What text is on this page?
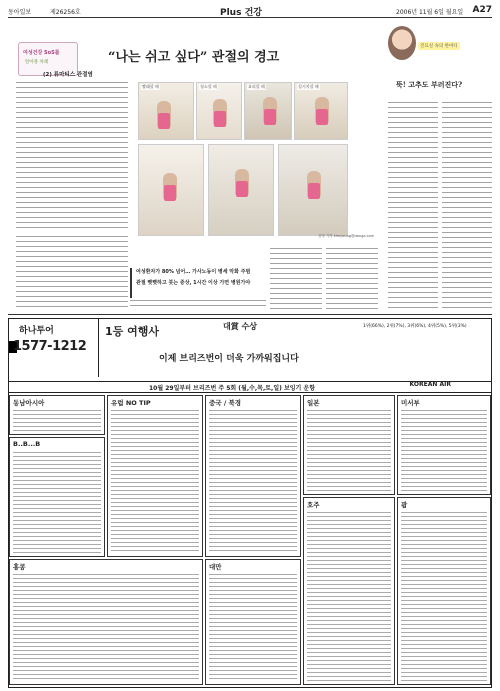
동아일보	제26256호	Plus 건강	2006년 11월 6일 월요일 A27
여성건강 SoS를
알아볼 차례	“나는 쉬고 싶다” 관절의 경고
(2) 류마티스 관절염
빨래할 때	청소할 때	요리할 때	설거지할 때
김영 기자 kimyoung@donga.com
여성환자가 80% 넘어… 가사노동이 병세 악화 주범
관절 뻣뻣하고 붓는 증상, 1시간 이상 가면 병원가야
진료실 속의 한마디
뚝! 고추도 부러진다?
하나투어
1577-1212
1등 여행사	대賞 수상	1위(66%), 2위(7%), 3위(6%), 4위(5%), 5위(3%)
이제 브리즈번이 더욱 가까워집니다
10월 29일부터 브리즈번 주 5회 (월,수,목,토,일) 보잉기 운항
KOREAN AIR
동남아시아
B..B...B
유럽 NO TIP	중국 / 북경	일본	미서부
홍콩	대만
호주	괌
